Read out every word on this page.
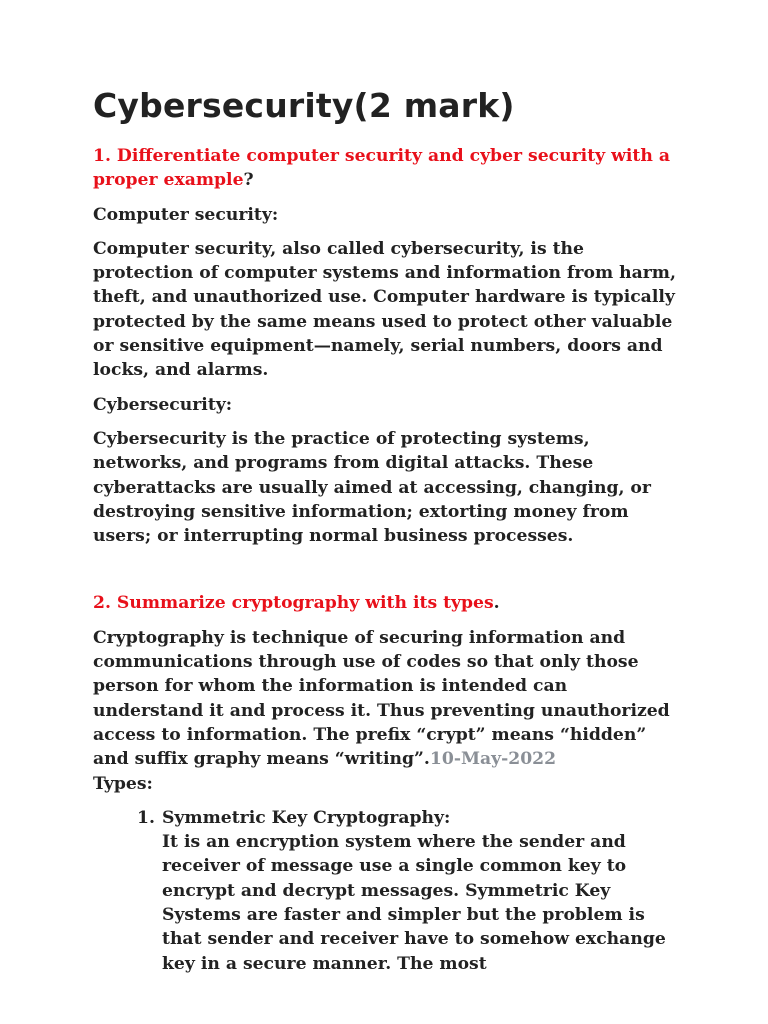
Cybersecurity(2 mark)

1. Differentiate computer security and cyber security with a proper example?

Computer security:

Computer security, also called cybersecurity, is the protection of computer systems and information from harm, theft, and unauthorized use. Computer hardware is typically protected by the same means used to protect other valuable or sensitive equipment—namely, serial numbers, doors and locks, and alarms.

Cybersecurity:

Cybersecurity is the practice of protecting systems, networks, and programs from digital attacks. These cyberattacks are usually aimed at accessing, changing, or destroying sensitive information; extorting money from users; or interrupting normal business processes.

2. Summarize cryptography with its types.

Cryptography is technique of securing information and communications through use of codes so that only those person for whom the information is intended can understand it and process it. Thus preventing unauthorized access to information. The prefix “crypt” means “hidden” and suffix graphy means “writing”.10-May-2022

Types:

1. Symmetric Key Cryptography:
It is an encryption system where the sender and receiver of message use a single common key to encrypt and decrypt messages. Symmetric Key Systems are faster and simpler but the problem is that sender and receiver have to somehow exchange key in a secure manner. The most
